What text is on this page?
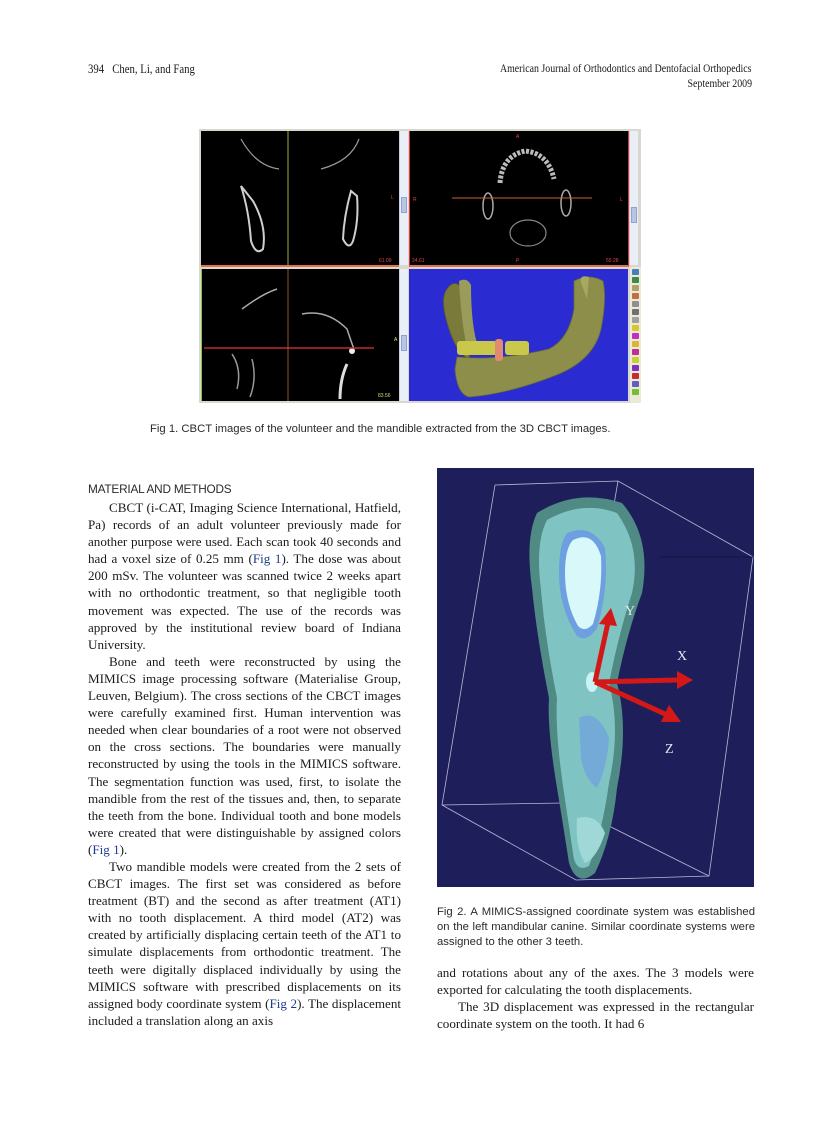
394 Chen, Li, and Fang	American Journal of Orthodontics and Dentofacial Orthopedics
September 2009
61.09
L
24.61	55.28
L
A
P
R
83.56
A
Fig 1. CBCT images of the volunteer and the mandible extracted from the 3D CBCT images.
MATERIAL AND METHODS

CBCT (i-CAT, Imaging Science International, Hatfield, Pa) records of an adult volunteer previously made for another purpose were used. Each scan took 40 seconds and had a voxel size of 0.25 mm (Fig 1). The dose was about 200 mSv. The volunteer was scanned twice 2 weeks apart with no orthodontic treatment, so that negligible tooth movement was expected. The use of the records was approved by the institutional review board of Indiana University.

Bone and teeth were reconstructed by using the MIMICS image processing software (Materialise Group, Leuven, Belgium). The cross sections of the CBCT images were carefully examined first. Human intervention was needed when clear boundaries of a root were not observed on the cross sections. The boundaries were manually reconstructed by using the tools in the MIMICS software. The segmentation function was used, first, to isolate the mandible from the rest of the tissues and, then, to separate the teeth from the bone. Individual tooth and bone models were created that were distinguishable by assigned colors (Fig 1).

Two mandible models were created from the 2 sets of CBCT images. The first set was considered as before treatment (BT) and the second as after treatment (AT1) with no tooth displacement. A third model (AT2) was created by artificially displacing certain teeth of the AT1 to simulate displacements from orthodontic treatment. The teeth were digitally displaced individually by using the MIMICS software with prescribed displacements on its assigned body coordinate system (Fig 2). The displacement included a translation along an axis

Y
X
Z
Fig 2. A MIMICS-assigned coordinate system was established on the left mandibular canine. Similar coordinate systems were assigned to the other 3 teeth.

and rotations about any of the axes. The 3 models were exported for calculating the tooth displacements.

The 3D displacement was expressed in the rectangular coordinate system on the tooth. It had 6
